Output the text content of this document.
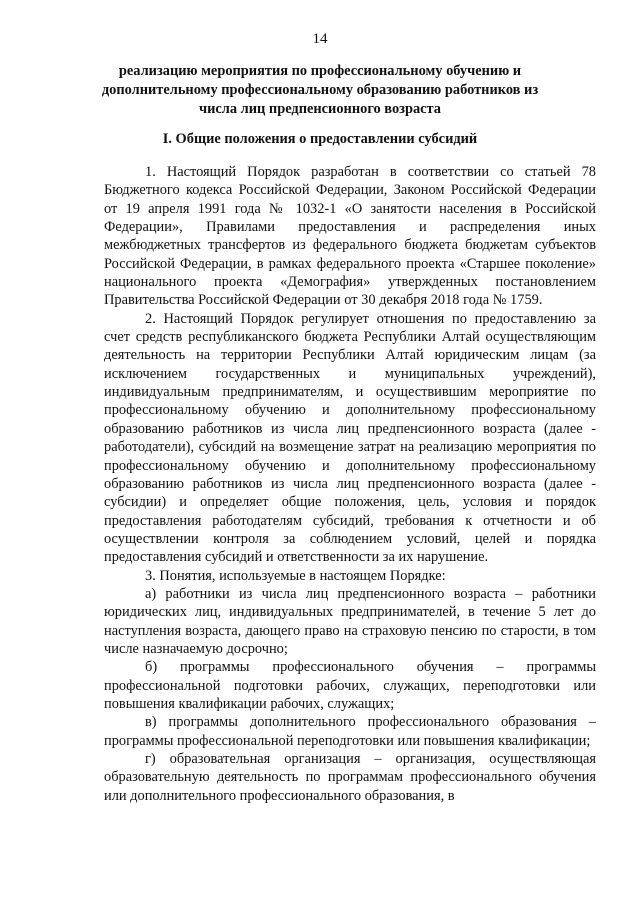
14
реализацию мероприятия по профессиональному обучению и
дополнительному профессиональному образованию работников из
числа лиц предпенсионного возраста
I. Общие положения о предоставлении субсидий

1. Настоящий Порядок разработан в соответствии со статьей 78 Бюджетного кодекса Российской Федерации, Законом Российской Федерации от 19 апреля 1991 года № 1032-1 «О занятости населения в Российской Федерации», Правилами предоставления и распределения иных межбюджетных трансфертов из федерального бюджета бюджетам субъектов Российской Федерации, в рамках федерального проекта «Старшее поколение» национального проекта «Демография» утвержденных постановлением Правительства Российской Федерации от 30 декабря 2018 года № 1759.

2. Настоящий Порядок регулирует отношения по предоставлению за счет средств республиканского бюджета Республики Алтай осуществляющим деятельность на территории Республики Алтай юридическим лицам (за исключением государственных и муниципальных учреждений), индивидуальным предпринимателям, и осуществившим мероприятие по профессиональному обучению и дополнительному профессиональному образованию работников из числа лиц предпенсионного возраста (далее - работодатели), субсидий на возмещение затрат на реализацию мероприятия по профессиональному обучению и дополнительному профессиональному образованию работников из числа лиц предпенсионного возраста (далее - субсидии) и определяет общие положения, цель, условия и порядок предоставления работодателям субсидий, требования к отчетности и об осуществлении контроля за соблюдением условий, целей и порядка предоставления субсидий и ответственности за их нарушение.

3. Понятия, используемые в настоящем Порядке:

а) работники из числа лиц предпенсионного возраста – работники юридических лиц, индивидуальных предпринимателей, в течение 5 лет до наступления возраста, дающего право на страховую пенсию по старости, в том числе назначаемую досрочно;

б) программы профессионального обучения – программы профессиональной подготовки рабочих, служащих, переподготовки или повышения квалификации рабочих, служащих;

в) программы дополнительного профессионального образования – программы профессиональной переподготовки или повышения квалификации;

г) образовательная организация – организация, осуществляющая образовательную деятельность по программам профессионального обучения или дополнительного профессионального образования, в
